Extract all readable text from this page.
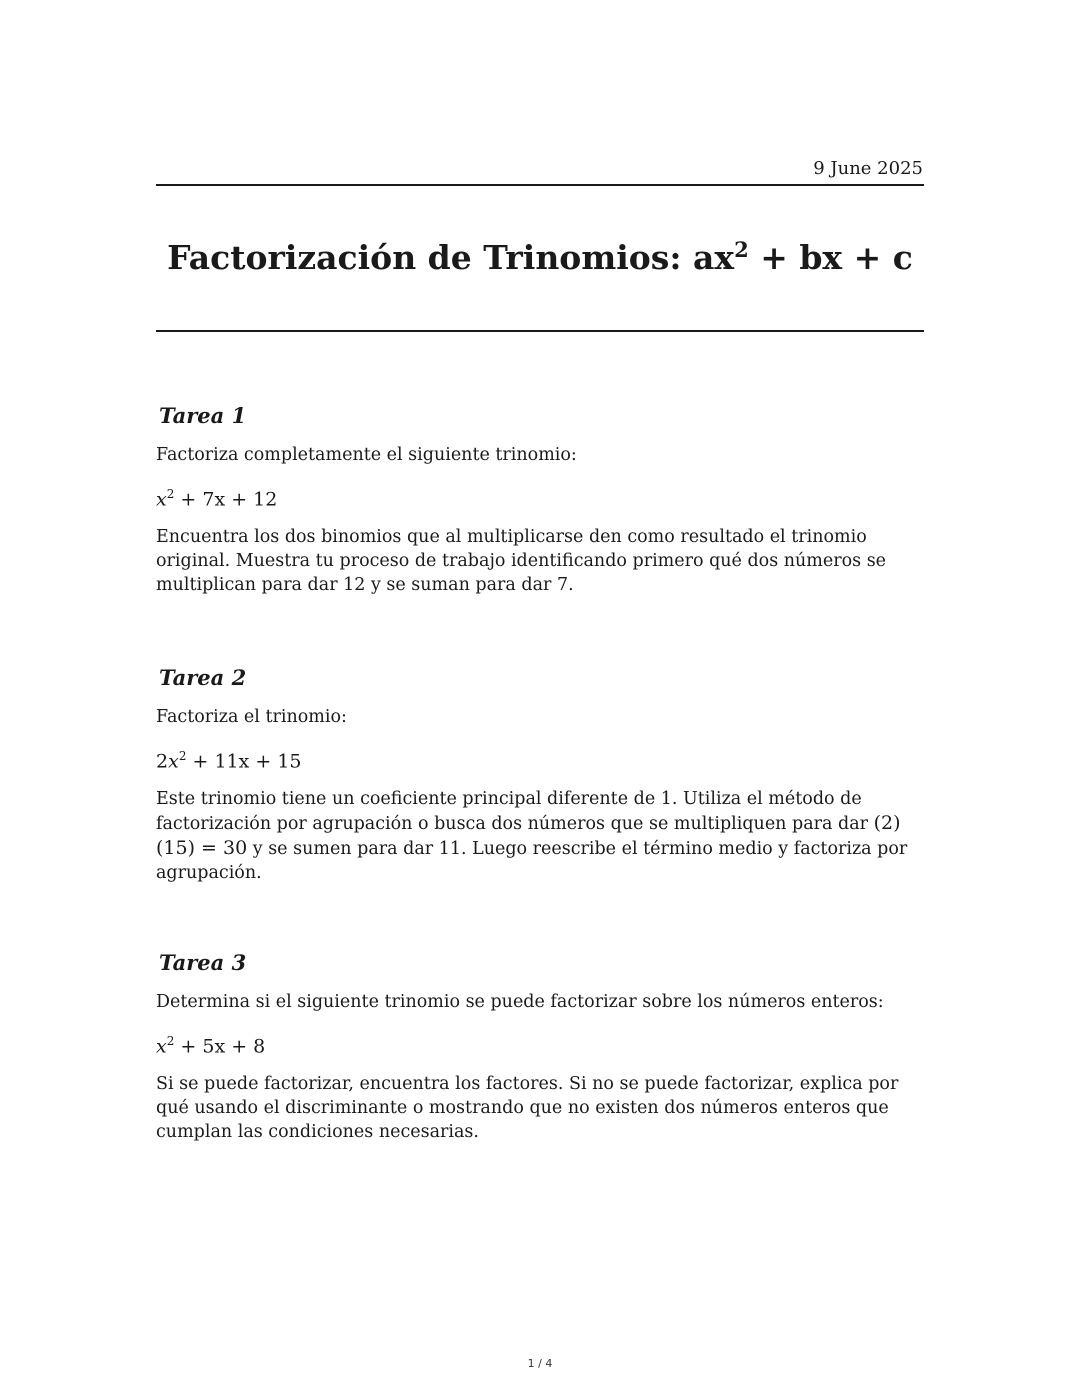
9 June 2025
Factorización de Trinomios: $ax^2$ + bx + c
Tarea 1

Factoriza completamente el siguiente trinomio:

$x^2 + 7x + 12$

Encuentra los dos binomios que al multiplicarse den como resultado el trinomio original. Muestra tu proceso de trabajo identificando primero qué dos números se multiplican para dar 12 y se suman para dar 7.

Tarea 2

Factoriza el trinomio:

$2x^2 + 11x + 15$

Este trinomio tiene un coeficiente principal diferente de 1. Utiliza el método de factorización por agrupación o busca dos números que se multipliquen para dar (2)(15) = 30 y se sumen para dar 11. Luego reescribe el término medio y factoriza por agrupación.

Tarea 3

Determina si el siguiente trinomio se puede factorizar sobre los números enteros:

$x^2 + 5x + 8$

Si se puede factorizar, encuentra los factores. Si no se puede factorizar, explica por qué usando el discriminante o mostrando que no existen dos números enteros que cumplan las condiciones necesarias.

1 / 4
